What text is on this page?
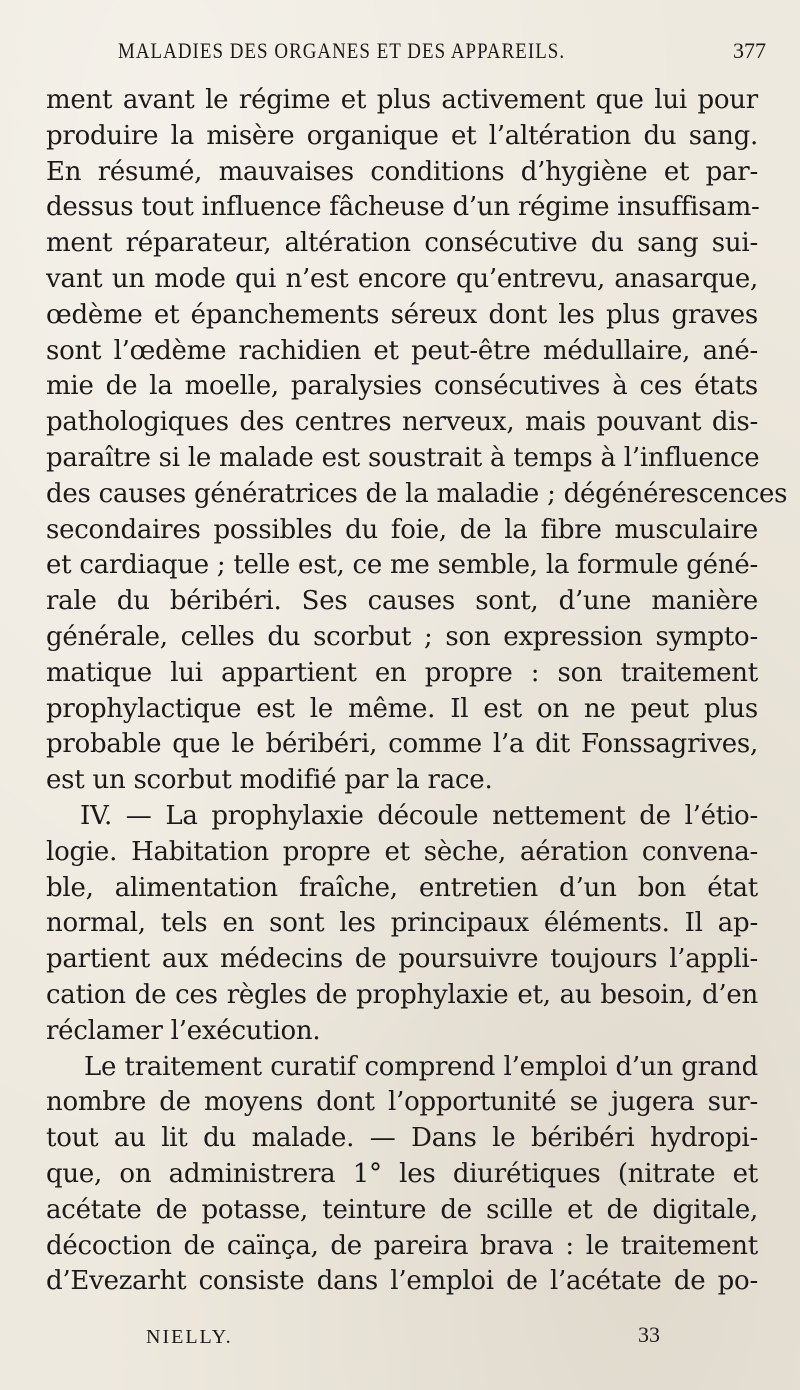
MALADIES DES ORGANES ET DES APPAREILS.	377
ment avant le régime et plus activement que lui pour
produire la misère organique et l’altération du sang.
En résumé, mauvaises conditions d’hygiène et par-
dessus tout influence fâcheuse d’un régime insuffisam-
ment réparateur, altération consécutive du sang sui-
vant un mode qui n’est encore qu’entrevu, anasarque,
œdème et épanchements séreux dont les plus graves
sont l’œdème rachidien et peut-être médullaire, ané-
mie de la moelle, paralysies consécutives à ces états
pathologiques des centres nerveux, mais pouvant dis-
paraître si le malade est soustrait à temps à l’influence
des causes génératrices de la maladie ; dégénérescences
secondaires possibles du foie, de la fibre musculaire
et cardiaque ; telle est, ce me semble, la formule géné-
rale du béribéri. Ses causes sont, d’une manière
générale, celles du scorbut ; son expression sympto-
matique lui appartient en propre : son traitement
prophylactique est le même. Il est on ne peut plus
probable que le béribéri, comme l’a dit Fonssagrives,
est un scorbut modifié par la race.
IV. — La prophylaxie découle nettement de l’étio-
logie. Habitation propre et sèche, aération convena-
ble, alimentation fraîche, entretien d’un bon état
normal, tels en sont les principaux éléments. Il ap-
partient aux médecins de poursuivre toujours l’appli-
cation de ces règles de prophylaxie et, au besoin, d’en
réclamer l’exécution.
Le traitement curatif comprend l’emploi d’un grand
nombre de moyens dont l’opportunité se jugera sur-
tout au lit du malade. — Dans le béribéri hydropi-
que, on administrera 1° les diurétiques (nitrate et
acétate de potasse, teinture de scille et de digitale,
décoction de caïnça, de pareira brava : le traitement
d’Evezarht consiste dans l’emploi de l’acétate de po-
NIELLY.	33
